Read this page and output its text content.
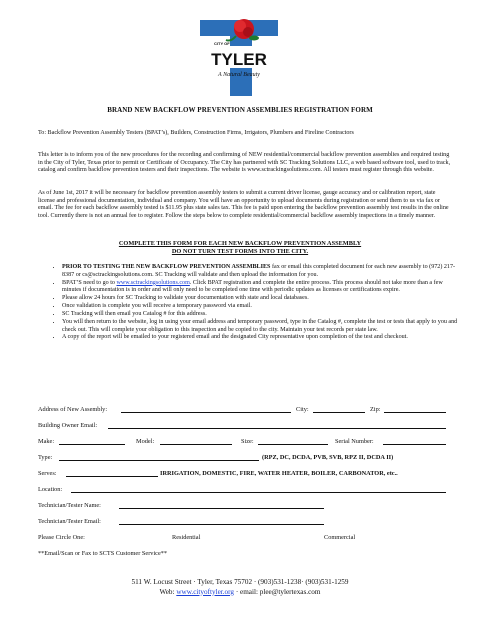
CITY OF
TYLER
A Natural Beauty
BRAND NEW BACKFLOW PREVENTION ASSEMBLIES REGISTRATION FORM
To: Backflow Prevention Assembly Testers (BPAT’s), Builders, Construction Firms, Irrigators, Plumbers and Fireline Contractors
This letter is to inform you of the new procedures for the recording and confirming of NEW residential/commercial backflow prevention assemblies and required testing in the City of Tyler, Texas prior to permit or Certificate of Occupancy. The City has partnered with SC Tracking Solutions LLC, a web based software tool, used to track, catalog and confirm backflow prevention testers and their inspections. The website is www.sctrackingsolutions.com. All testers must register through this website.
As of June 1st, 2017 it will be necessary for backflow prevention assembly testers to submit a current driver license, gauge accuracy and or calibration report, state license and professional documentation, individual and company. You will have an opportunity to upload documents during registration or send them to us via fax or email. The fee for each backflow assembly tested is $11.95 plus state sales tax. This fee is paid upon entering the backflow prevention assembly test results in the online tool. Currently there is not an annual fee to register. Follow the steps below to complete residential/commercial backflow assembly inspections in a timely manner.
COMPLETE THIS FORM FOR EACH NEW BACKFLOW PREVENTION ASSEMBLY
DO NOT TURN TEST FORMS INTO THE CITY.
• PRIOR TO TESTING THE NEW BACKFLOW PREVENTION ASSEMBLIES fax or email this completed document for each new assembly to (972) 217-8387 or cs@sctrackingsolutions.com. SC Tracking will validate and then upload the information for you.
• BPAT’S need to go to www.sctrackingsolutions.com. Click BPAT registration and complete the entire process. This process should not take more than a few minutes if documentation is in order and will only need to be completed one time with periodic updates as licenses or certifications expire.
• Please allow 24 hours for SC Tracking to validate your documentation with state and local databases.
• Once validation is complete you will receive a temporary password via email.
• SC Tracking will then email you Catalog # for this address.
• You will then return to the website, log in using your email address and temporary password, type in the Catalog #, complete the test or tests that apply to you and check out. This will complete your obligation to this inspection and be copied to the city. Maintain your test records per state law.
• A copy of the report will be emailed to your registered email and the designated City representative upon completion of the test and checkout.
Address of New Assembly:	City:	Zip:
Building Owner Email:
Make:	Model:	Size:	Serial Number:
Type:	(RPZ, DC, DCDA, PVB, SVB, RPZ II, DCDA II)
Serves:	IRRIGATION, DOMESTIC, FIRE, WATER HEATER, BOILER, CARBONATOR, etc..
Location:
Technician/Tester Name:
Technician/Tester Email:
Please Circle One:	Residential	Commercial
**Email/Scan or Fax to SCTS Customer Service**
511 W. Locust Street · Tyler, Texas 75702 · (903)531-1238· (903)531-1259
Web: www.cityoftyler.org · email: plee@tylertexas.com
